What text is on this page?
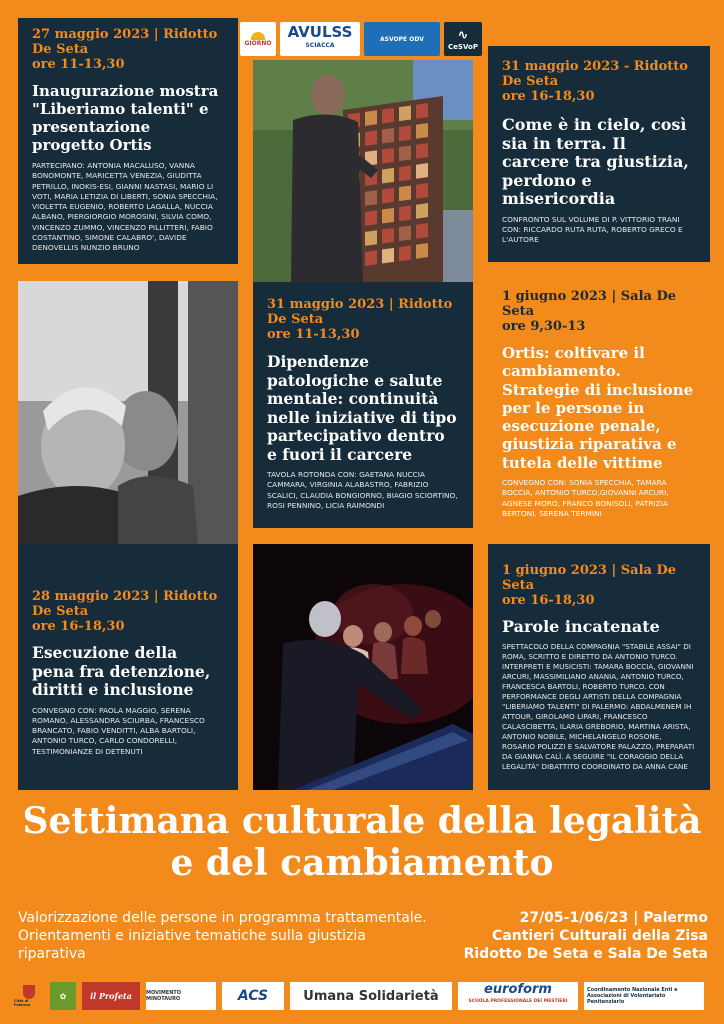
27 maggio 2023 | Ridotto De Seta
ore 11-13,30
Inaugurazione mostra "Liberiamo talenti" e presentazione progetto Ortis
PARTECIPANO: ANTONIA MACALUSO, VANNA BONOMONTE, MARICETTA VENEZIA, GIUDITTA PETRILLO, INOKIS-ESI, GIANNI NASTASI, MARIO LI VOTI, MARIA LETIZIA DI LIBERTI, SONIA SPECCHIA, VIOLETTA EUGENIO, ROBERTO LAGALLA, NUCCIA ALBANO, PIERGIORGIO MOROSINI, SILVIA COMO, VINCENZO ZUMMO, VINCENZO PILLITTERI, FABIO COSTANTINO, SIMONE CALABRO', DAVIDE DENOVELLIS NUNZIO BRUNO
GIORNO
AVULSS
SCIACCA
ASVOPE ODV	∿
CeSVoP
31 maggio 2023 - Ridotto De Seta
ore 16-18,30
Come è in cielo, così sia in terra. Il carcere tra giustizia, perdono e misericordia
CONFRONTO SUL VOLUME DI P. VITTORIO TRANI CON: RICCARDO RUTA RUTA, ROBERTO GRECO E L'AUTORE
31 maggio 2023 | Ridotto De Seta
ore 11-13,30
Dipendenze patologiche e salute mentale: continuità nelle iniziative di tipo partecipativo dentro e fuori il carcere
TAVOLA ROTONDA CON: GAETANA NUCCIA CAMMARA, VIRGINIA ALABASTRO, FABRIZIO SCALICI, CLAUDIA BONGIORNO, BIAGIO SCIORTINO, ROSI PENNINO, LICIA RAIMONDI
1 giugno 2023 | Sala De Seta
ore 9,30-13
Ortis: coltivare il cambiamento. Strategie di inclusione per le persone in esecuzione penale, giustizia riparativa e tutela delle vittime
CONVEGNO CON: SONIA SPECCHIA, TAMARA BOCCIA, ANTONIO TURCO,GIOVANNI ARCURI, AGNESE MORO, FRANCO BONISOLI, PATRIZIA BERTONI, SERENA TERMINI
28 maggio 2023 | Ridotto De Seta
ore 16-18,30
Esecuzione della pena fra detenzione, diritti e inclusione
CONVEGNO CON: PAOLA MAGGIO, SERENA ROMANO, ALESSANDRA SCIURBA, FRANCESCO BRANCATO, FABIO VENDITTI, ALBA BARTOLI, ANTONIO TURCO, CARLO CONDORELLI, TESTIMONIANZE DI DETENUTI
1 giugno 2023 | Sala De Seta
ore 16-18,30
Parole incatenate
SPETTACOLO DELLA COMPAGNIA "STABILE ASSAI" DI ROMA, SCRITTO E DIRETTO DA ANTONIO TURCO. INTERPRETI E MUSICISTI: TAMARA BOCCIA, GIOVANNI ARCURI, MASSIMILIANO ANANIA, ANTONIO TURCO, FRANCESCA BARTOLI, ROBERTO TURCO. CON PERFORMANCE DEGLI ARTISTI DELLA COMPAGNIA "LIBERIAMO TALENTI" DI PALERMO: ABDALMENEM IH ATTOUR, GIROLAMO LIPARI, FRANCESCO CALASCIBETTA, ILARIA GREBORIO, MARTINA ARISTA, ANTONIO NOBILE, MICHELANGELO ROSONE, ROSARIO POLIZZI E SALVATORE PALAZZO, PREPARATI DA GIANNA CALÌ. A SEGUIRE "IL CORAGGIO DELLA LEGALITÀ" DIBATTITO COORDINATO DA ANNA CANE
Settimana culturale della legalità
e del cambiamento
Valorizzazione delle persone in programma trattamentale. Orientamenti e iniziative tematiche sulla giustizia riparativa
27/05-1/06/23 | Palermo
Cantieri Culturali della Zisa
Ridotto De Seta e Sala De Seta
Città di Palermo
✿	il Profeta	MOVIMENTO MINOTAURO	ACS	Umana Solidarietà	euroform
SCUOLA PROFESSIONALE DEI MESTIERI
Coordinamento Nazionale Enti e Associazioni di Volontariato Penitenziario
